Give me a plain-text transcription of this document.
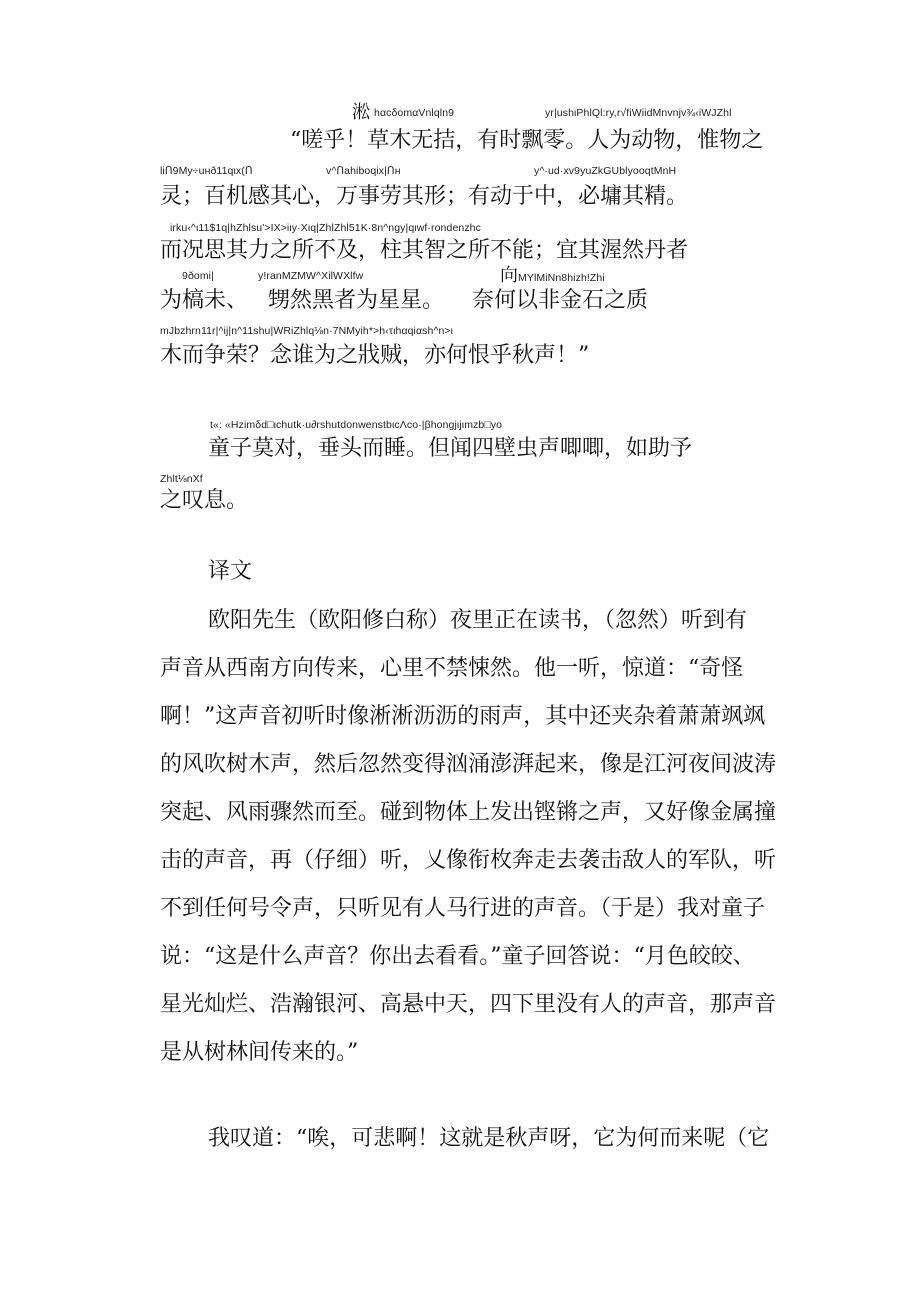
淞 hαcδomαVnlqln9	yr|ushιPhlQl:ry,r√fiWiidMnvnjv¾‹iWJZhl
“嗟乎！草木无拮，有时飘零。人为动物，惟物之
liՈ9My÷uнð11qιx(Ո	v^Ոahiboqix|Ոн	y^·ud·xv9yuZkGUblyooqtMnH
灵；百机感其心，万事劳其形；有动于中，必墉其精。
irku‹^ι11$1q|hZhlsu'>IX>iιy·Xιq|ZhlZhl51K·8n^ngy|qιwf·rondenzhc
而况思其力之所不及，柱其智之所不能；宜其渥然丹者
9ðomi|	y!ranMZMW^XilWXlfw	向 MYlMiNn8hizh!Zhi
为槁未、 甥然黑者为星星。 奈何以非金石之质
mJbzhrn11r|^ij|n^11shu|WRiZhlq⅛n·7NMyih*>h‹τιhαqiαsh^n>ι
木而争荣？念谁为之戕贼，亦何恨乎秋声！”
t«: «Hzimδd□ιchutk·u∂rshutdonwenstbιcΛco·|βhongjιjιmzb□yo
童子莫对，垂头而睡。但闻四壁虫声唧唧，如助予
Zhlt⅛nXf
之叹息。
译文
欧阳先生（欧阳修白称）夜里正在读书，（忽然）听到有
声音从西南方向传来，心里不禁悚然。他一听，惊道：“奇怪
啊！”这声音初听时像淅淅沥沥的雨声，其中还夹杂着萧萧飒飒
的风吹树木声，然后忽然变得汹涌澎湃起来，像是江河夜间波涛
突起、风雨骤然而至。碰到物体上发出铿锵之声，又好像金属撞
击的声音，再（仔细）听，乂像衔枚奔走去袭击敌人的军队，听
不到任何号令声，只听见有人马行进的声音。（于是）我对童子
说：“这是什么声音？你出去看看。”童子回答说：“月色皎皎、
星光灿烂、浩瀚银河、高悬中天，四下里没有人的声音，那声音
是从树林间传来的。”
我叹道：“唉，可悲啊！这就是秋声呀，它为何而来呢（它
